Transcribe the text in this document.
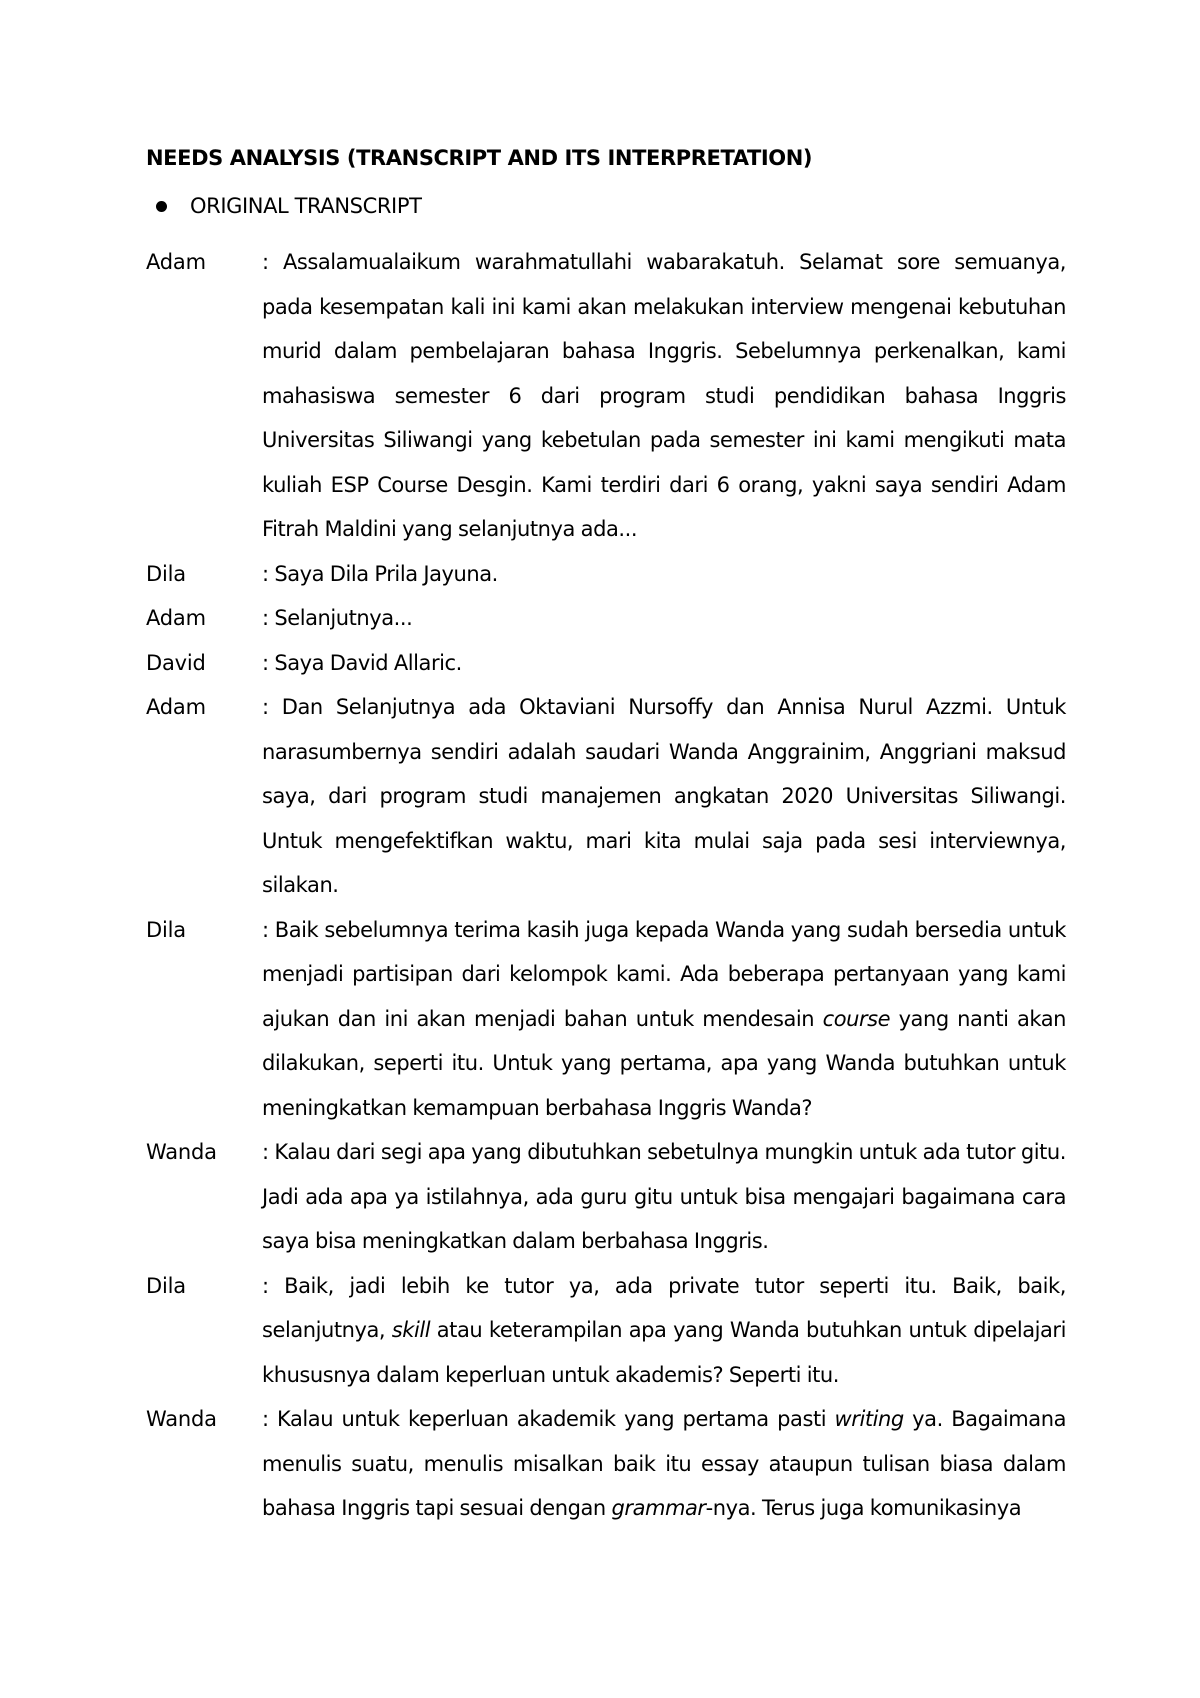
NEEDS ANALYSIS (TRANSCRIPT AND ITS INTERPRETATION)
ORIGINAL TRANSCRIPT
Adam	: Assalamualaikum warahmatullahi wabarakatuh. Selamat sore semuanya, pada kesempatan kali ini kami akan melakukan interview mengenai kebutuhan murid dalam pembelajaran bahasa Inggris. Sebelumnya perkenalkan, kami mahasiswa semester 6 dari program studi pendidikan bahasa Inggris Universitas Siliwangi yang kebetulan pada semester ini kami mengikuti mata kuliah ESP Course Desgin. Kami terdiri dari 6 orang, yakni saya sendiri Adam Fitrah Maldini yang selanjutnya ada...
Dila	: Saya Dila Prila Jayuna.
Adam	: Selanjutnya...
David	: Saya David Allaric.
Adam	: Dan Selanjutnya ada Oktaviani Nursoffy dan Annisa Nurul Azzmi. Untuk narasumbernya sendiri adalah saudari Wanda Anggrainim, Anggriani maksud saya, dari program studi manajemen angkatan 2020 Universitas Siliwangi. Untuk mengefektifkan waktu, mari kita mulai saja pada sesi interviewnya, silakan.
Dila	: Baik sebelumnya terima kasih juga kepada Wanda yang sudah bersedia untuk menjadi partisipan dari kelompok kami. Ada beberapa pertanyaan yang kami ajukan dan ini akan menjadi bahan untuk mendesain course yang nanti akan dilakukan, seperti itu. Untuk yang pertama, apa yang Wanda butuhkan untuk meningkatkan kemampuan berbahasa Inggris Wanda?
Wanda	: Kalau dari segi apa yang dibutuhkan sebetulnya mungkin untuk ada tutor gitu. Jadi ada apa ya istilahnya, ada guru gitu untuk bisa mengajari bagaimana cara saya bisa meningkatkan dalam berbahasa Inggris.
Dila	: Baik, jadi lebih ke tutor ya, ada private tutor seperti itu. Baik, baik, selanjutnya, skill atau keterampilan apa yang Wanda butuhkan untuk dipelajari khususnya dalam keperluan untuk akademis? Seperti itu.
Wanda	: Kalau untuk keperluan akademik yang pertama pasti writing ya. Bagaimana menulis suatu, menulis misalkan baik itu essay ataupun tulisan biasa dalam bahasa Inggris tapi sesuai dengan grammar-nya. Terus juga komunikasinya
